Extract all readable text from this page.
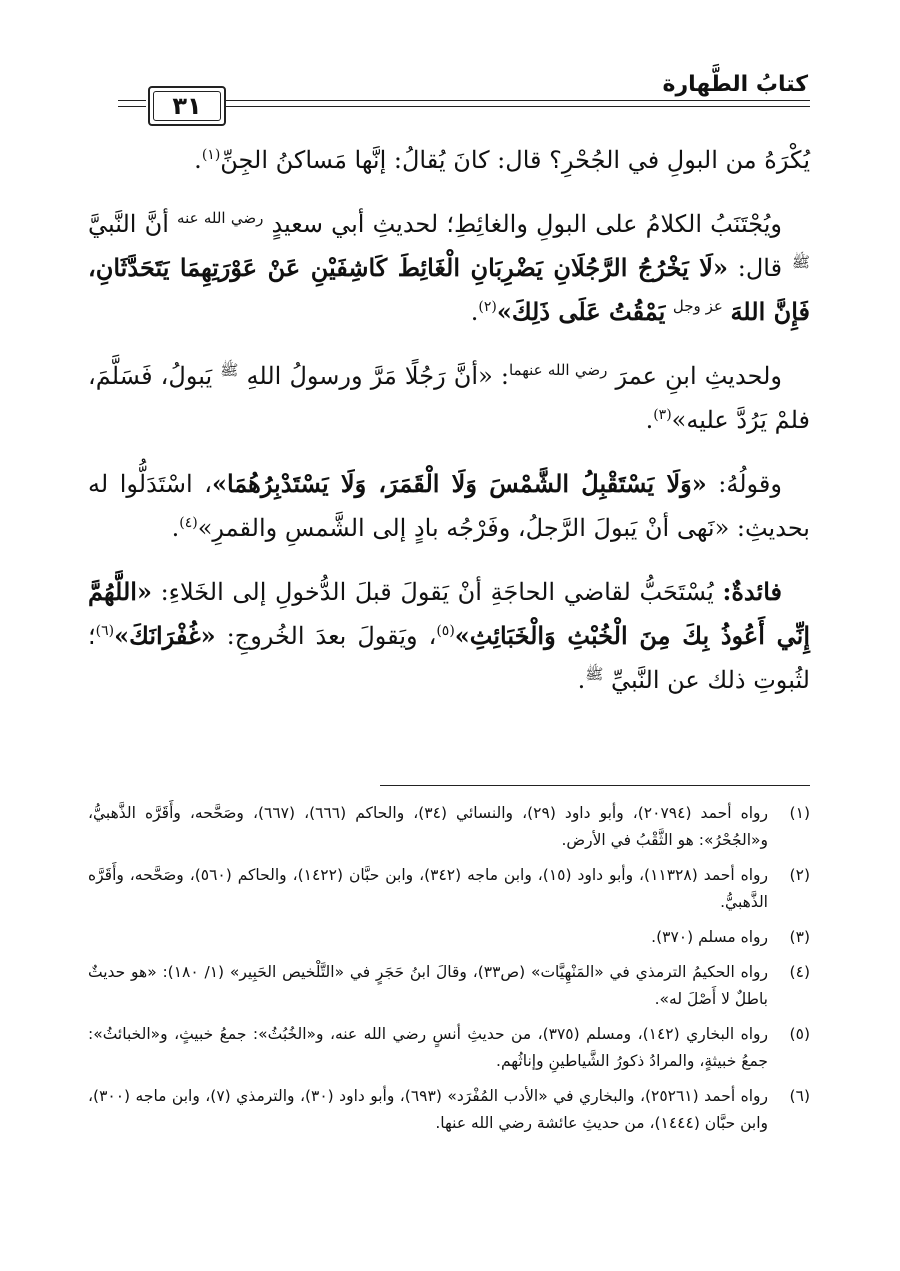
كتابُ الطَّهارة
٣١

يُكْرَهُ من البولِ في الجُحْرِ؟ قال: كانَ يُقالُ: إنَّها مَساكنُ الجِنِّ$^{(١)}$.

ويُجْتَنَبُ الكلامُ على البولِ والغائِطِ؛ لحديثِ أبي سعيدٍ $^{رضي الله عنه}$ أنَّ النَّبيَّ $^ﷺ$ قال: «لَا يَخْرُجُ الرَّجُلَانِ يَضْرِبَانِ الْغَائِطَ كَاشِفَيْنِ عَنْ عَوْرَتِهِمَا يَتَحَدَّثَانِ، فَإِنَّ اللهَ $^{عز وجل}$ يَمْقُتُ عَلَى ذَلِكَ»$^{(٢)}$.

ولحديثِ ابنِ عمرَ $^{رضي الله عنهما}$: «أنَّ رَجُلًا مَرَّ ورسولُ اللهِ $^ﷺ$ يَبولُ، فَسَلَّمَ، فلمْ يَرُدَّ عليه»$^{(٣)}$.

وقولُهُ: «وَلَا يَسْتَقْبِلُ الشَّمْسَ وَلَا الْقَمَرَ، وَلَا يَسْتَدْبِرُهُمَا»، اسْتَدَلُّوا له بحديثِ: «نَهى أنْ يَبولَ الرَّجلُ، وفَرْجُه بادٍ إلى الشَّمسِ والقمرِ»$^{(٤)}$.

فائدةٌ: يُسْتَحَبُّ لقاضي الحاجَةِ أنْ يَقولَ قبلَ الدُّخولِ إلى الخَلاءِ: «اللَّهُمَّ إِنِّي أَعُوذُ بِكَ مِنَ الْخُبْثِ وَالْخَبَائِثِ»$^{(٥)}$، ويَقولَ بعدَ الخُروجِ: «غُفْرَانَكَ»$^{(٦)}$؛ لثُبوتِ ذلك عن النَّبيِّ $^ﷺ$.

(١)
رواه أحمد (٢٠٧٩٤)، وأبو داود (٢٩)، والنسائي (٣٤)، والحاكم (٦٦٦)، (٦٦٧)، وصَحَّحه، وأَقَرَّه الذَّهبيُّ، و«الجُحْرُ»: هو الثَّقْبُ في الأرض.
(٢)
رواه أحمد (١١٣٢٨)، وأبو داود (١٥)، وابن ماجه (٣٤٢)، وابن حبَّان (١٤٢٢)، والحاكم (٥٦٠)، وصَحَّحه، وأَقَرَّه الذَّهبيُّ.
(٣)
رواه مسلم (٣٧٠).
(٤)
رواه الحكيمُ الترمذي في «المَنْهِيَّات» (ص٣٣)، وقالَ ابنُ حَجَرٍ في «التَّلْخيص الحَبِير» (١/ ١٨٠): «هو حديثٌ باطلٌ لا أَصْلَ له».
(٥)
رواه البخاري (١٤٢)، ومسلم (٣٧٥)، من حديثِ أنسٍ رضي الله عنه، و«الخُبُثُ»: جمعُ خبيثٍ، و«الخبائثُ»: جمعُ خبيثةٍ، والمرادُ ذكورُ الشَّياطينِ وإناثُهم.
(٦)
رواه أحمد (٢٥٢٦١)، والبخاري في «الأدب المُفْرَد» (٦٩٣)، وأبو داود (٣٠)، والترمذي (٧)، وابن ماجه (٣٠٠)، وابن حبَّان (١٤٤٤)، من حديثِ عائشة رضي الله عنها.
